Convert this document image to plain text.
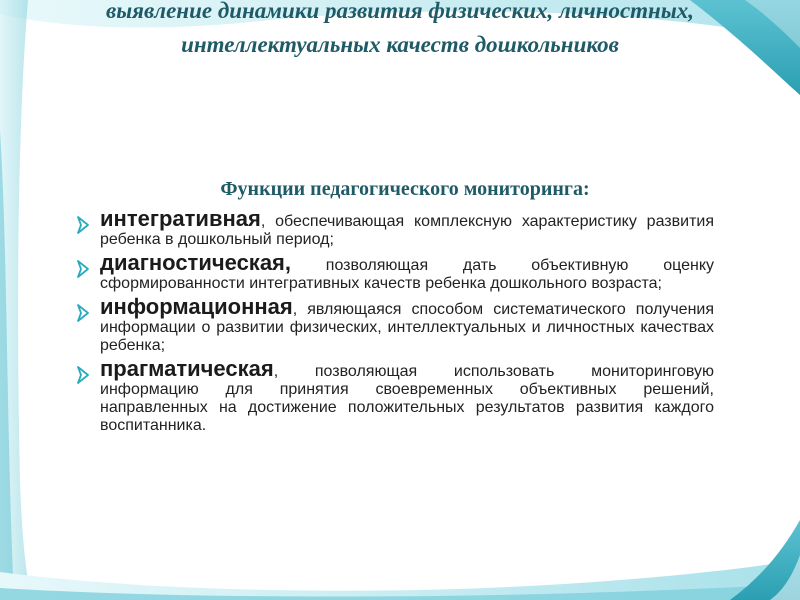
выявление динамики развития физических, личностных, интеллектуальных качеств дошкольников
Функции педагогического мониторинга:
интегративная, обеспечивающая комплексную характеристику развития ребенка в дошкольный период;
диагностическая, позволяющая дать объективную оценку сформированности интегративных качеств ребенка дошкольного возраста;
информационная, являющаяся способом систематического получения информации о развитии физических, интеллектуальных и личностных качествах ребенка;
прагматическая, позволяющая использовать мониторинговую информацию для принятия своевременных объективных решений, направленных на достижение положительных результатов развития каждого воспитанника.
